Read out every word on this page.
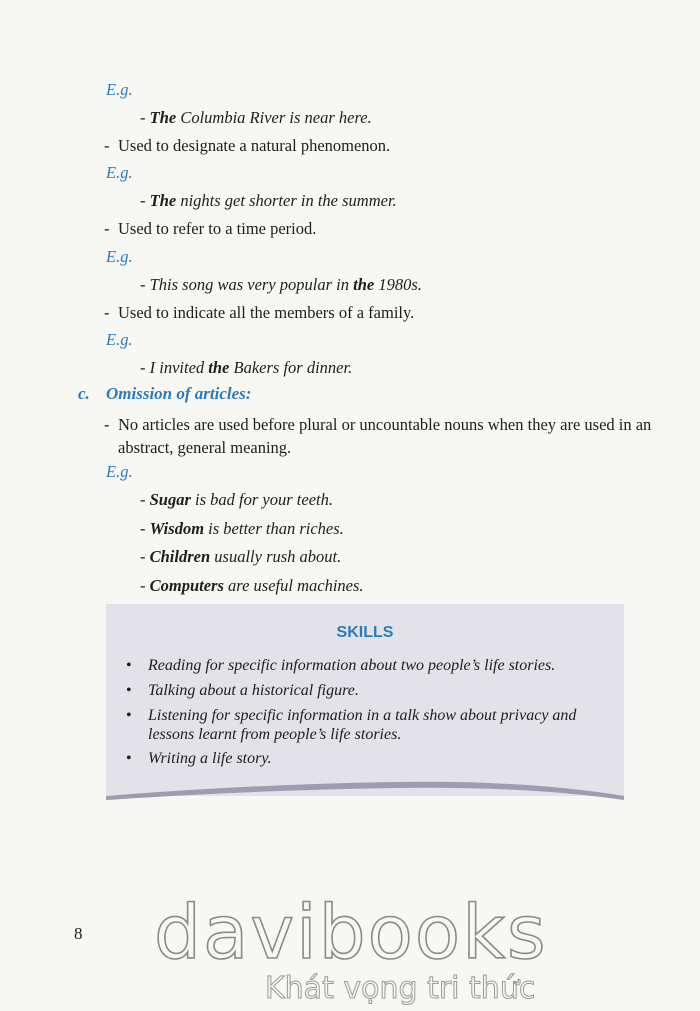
E.g.
- The Columbia River is near here.
- Used to designate a natural phenomenon.
E.g.
- The nights get shorter in the summer.
- Used to refer to a time period.
E.g.
- This song was very popular in the 1980s.
- Used to indicate all the members of a family.
E.g.
- I invited the Bakers for dinner.
c. Omission of articles:
- No articles are used before plural or uncountable nouns when they are used in an abstract, general meaning.
E.g.
- Sugar is bad for your teeth.
- Wisdom is better than riches.
- Children usually rush about.
- Computers are useful machines.
SKILLS
•	Reading for specific information about two people’s life stories.
•	Talking about a historical figure.
•	Listening for specific information in a talk show about privacy and lessons learnt from people’s life stories.
•	Writing a life story.
8 davibooks
Khát vọng tri thức
